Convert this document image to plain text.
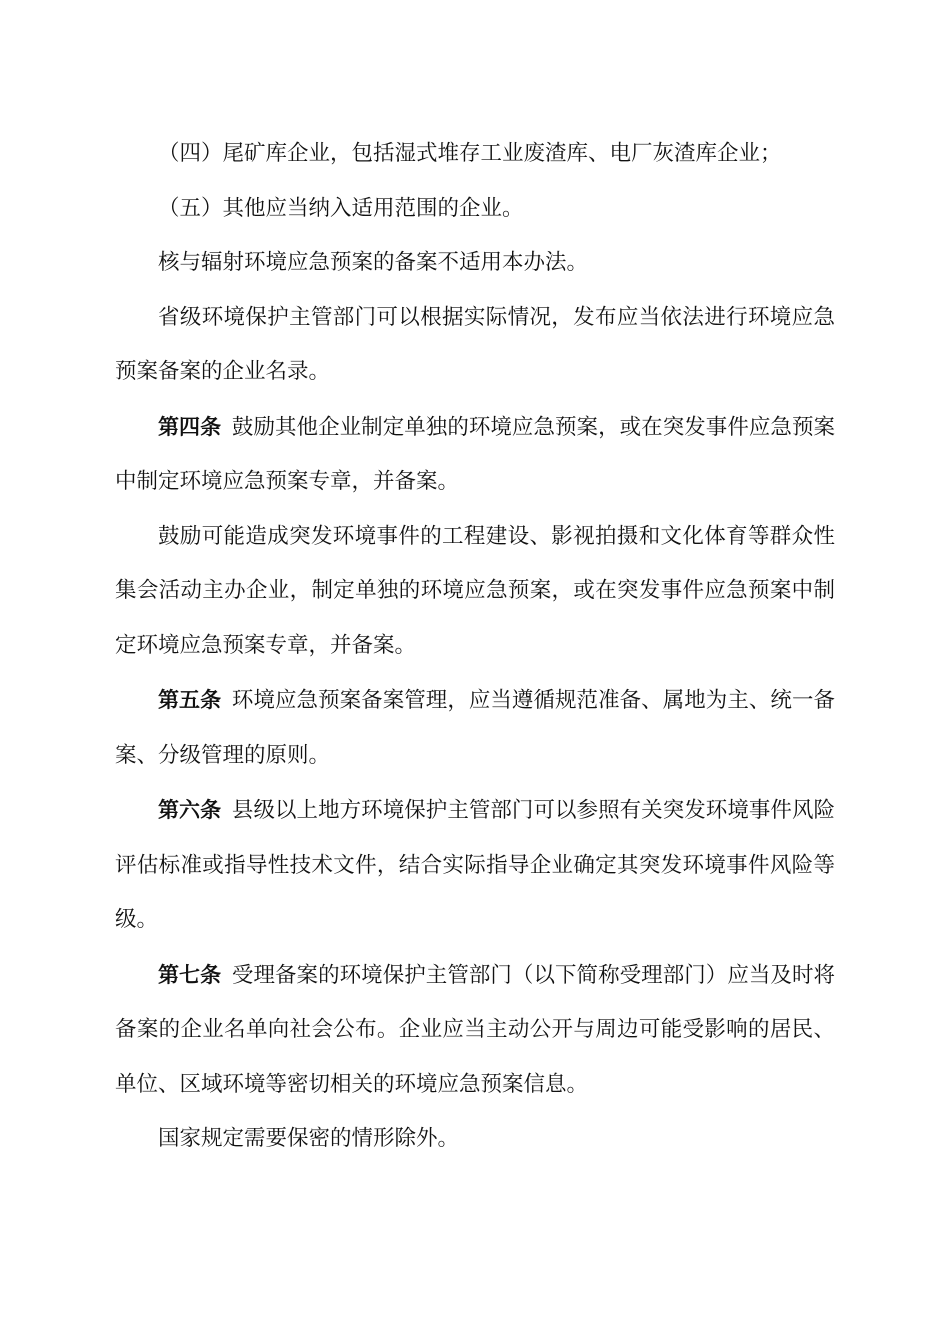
（四）尾矿库企业，包括湿式堆存工业废渣库、电厂灰渣库企业；

（五）其他应当纳入适用范围的企业。

核与辐射环境应急预案的备案不适用本办法。

省级环境保护主管部门可以根据实际情况，发布应当依法进行环境应急预案备案的企业名录。

第四条 鼓励其他企业制定单独的环境应急预案，或在突发事件应急预案中制定环境应急预案专章，并备案。

鼓励可能造成突发环境事件的工程建设、影视拍摄和文化体育等群众性集会活动主办企业，制定单独的环境应急预案，或在突发事件应急预案中制定环境应急预案专章，并备案。

第五条 环境应急预案备案管理，应当遵循规范准备、属地为主、统一备案、分级管理的原则。

第六条 县级以上地方环境保护主管部门可以参照有关突发环境事件风险评估标准或指导性技术文件，结合实际指导企业确定其突发环境事件风险等级。

第七条 受理备案的环境保护主管部门（以下简称受理部门）应当及时将备案的企业名单向社会公布。企业应当主动公开与周边可能受影响的居民、单位、区域环境等密切相关的环境应急预案信息。

国家规定需要保密的情形除外。
